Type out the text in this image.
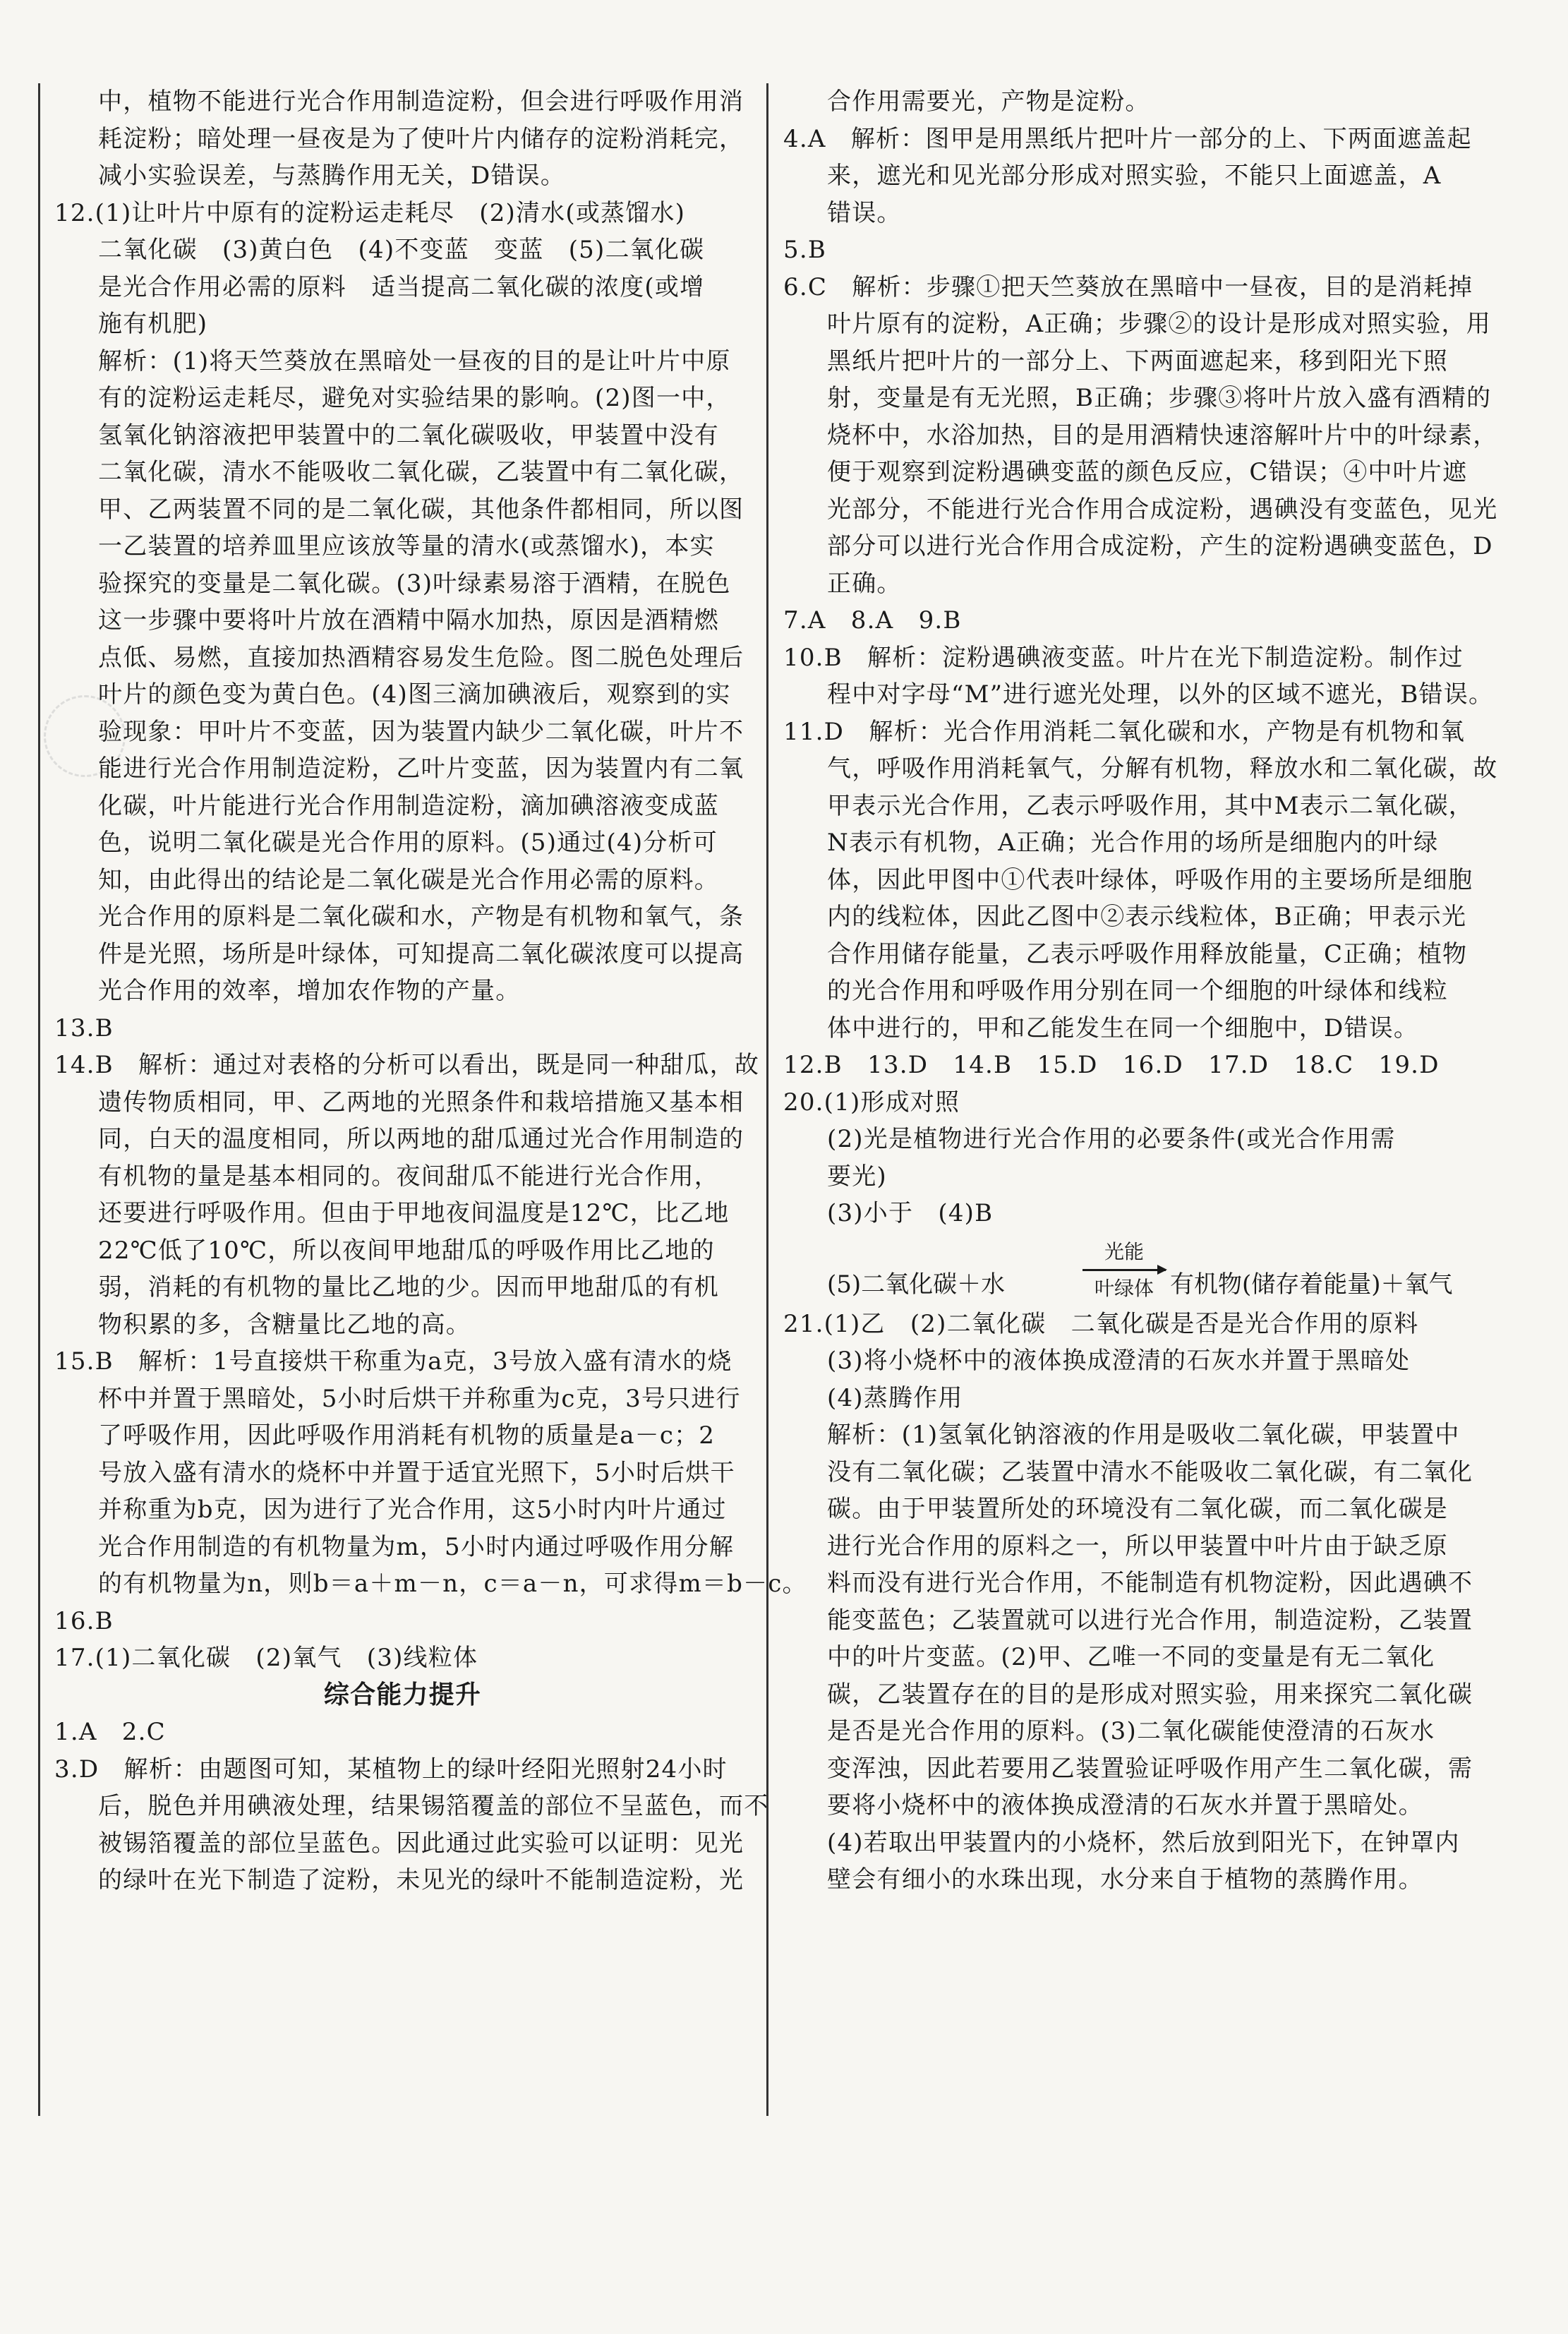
中，植物不能进行光合作用制造淀粉，但会进行呼吸作用消
耗淀粉；暗处理一昼夜是为了使叶片内储存的淀粉消耗完，
减小实验误差，与蒸腾作用无关，D错误。
12.(1)让叶片中原有的淀粉运走耗尽　(2)清水(或蒸馏水)
二氧化碳　(3)黄白色　(4)不变蓝　变蓝　(5)二氧化碳
是光合作用必需的原料　适当提高二氧化碳的浓度(或增
施有机肥)
解析：(1)将天竺葵放在黑暗处一昼夜的目的是让叶片中原
有的淀粉运走耗尽，避免对实验结果的影响。(2)图一中，
氢氧化钠溶液把甲装置中的二氧化碳吸收，甲装置中没有
二氧化碳，清水不能吸收二氧化碳，乙装置中有二氧化碳，
甲、乙两装置不同的是二氧化碳，其他条件都相同，所以图
一乙装置的培养皿里应该放等量的清水(或蒸馏水)，本实
验探究的变量是二氧化碳。(3)叶绿素易溶于酒精，在脱色
这一步骤中要将叶片放在酒精中隔水加热，原因是酒精燃
点低、易燃，直接加热酒精容易发生危险。图二脱色处理后
叶片的颜色变为黄白色。(4)图三滴加碘液后，观察到的实
验现象：甲叶片不变蓝，因为装置内缺少二氧化碳，叶片不
能进行光合作用制造淀粉，乙叶片变蓝，因为装置内有二氧
化碳，叶片能进行光合作用制造淀粉，滴加碘溶液变成蓝
色，说明二氧化碳是光合作用的原料。(5)通过(4)分析可
知，由此得出的结论是二氧化碳是光合作用必需的原料。
光合作用的原料是二氧化碳和水，产物是有机物和氧气，条
件是光照，场所是叶绿体，可知提高二氧化碳浓度可以提高
光合作用的效率，增加农作物的产量。
13.B
14.B　解析：通过对表格的分析可以看出，既是同一种甜瓜，故
遗传物质相同，甲、乙两地的光照条件和栽培措施又基本相
同，白天的温度相同，所以两地的甜瓜通过光合作用制造的
有机物的量是基本相同的。夜间甜瓜不能进行光合作用，
还要进行呼吸作用。但由于甲地夜间温度是12℃，比乙地
22℃低了10℃，所以夜间甲地甜瓜的呼吸作用比乙地的
弱，消耗的有机物的量比乙地的少。因而甲地甜瓜的有机
物积累的多，含糖量比乙地的高。
15.B　解析：1号直接烘干称重为a克，3号放入盛有清水的烧
杯中并置于黑暗处，5小时后烘干并称重为c克，3号只进行
了呼吸作用，因此呼吸作用消耗有机物的质量是a－c；2
号放入盛有清水的烧杯中并置于适宜光照下，5小时后烘干
并称重为b克，因为进行了光合作用，这5小时内叶片通过
光合作用制造的有机物量为m，5小时内通过呼吸作用分解
的有机物量为n，则b＝a＋m－n，c＝a－n，可求得m＝b－c。
16.B
17.(1)二氧化碳　(2)氧气　(3)线粒体
综合能力提升
1.A　2.C
3.D　解析：由题图可知，某植物上的绿叶经阳光照射24小时
后，脱色并用碘液处理，结果锡箔覆盖的部位不呈蓝色，而不
被锡箔覆盖的部位呈蓝色。因此通过此实验可以证明：见光
的绿叶在光下制造了淀粉，未见光的绿叶不能制造淀粉，光
合作用需要光，产物是淀粉。
4.A　解析：图甲是用黑纸片把叶片一部分的上、下两面遮盖起
来，遮光和见光部分形成对照实验，不能只上面遮盖，A
错误。
5.B
6.C　解析：步骤①把天竺葵放在黑暗中一昼夜，目的是消耗掉
叶片原有的淀粉，A正确；步骤②的设计是形成对照实验，用
黑纸片把叶片的一部分上、下两面遮起来，移到阳光下照
射，变量是有无光照，B正确；步骤③将叶片放入盛有酒精的
烧杯中，水浴加热，目的是用酒精快速溶解叶片中的叶绿素，
便于观察到淀粉遇碘变蓝的颜色反应，C错误；④中叶片遮
光部分，不能进行光合作用合成淀粉，遇碘没有变蓝色，见光
部分可以进行光合作用合成淀粉，产生的淀粉遇碘变蓝色，D
正确。
7.A　8.A　9.B
10.B　解析：淀粉遇碘液变蓝。叶片在光下制造淀粉。制作过
程中对字母“M”进行遮光处理，以外的区域不遮光，B错误。
11.D　解析：光合作用消耗二氧化碳和水，产物是有机物和氧
气，呼吸作用消耗氧气，分解有机物，释放水和二氧化碳，故
甲表示光合作用，乙表示呼吸作用，其中M表示二氧化碳，
N表示有机物，A正确；光合作用的场所是细胞内的叶绿
体，因此甲图中①代表叶绿体，呼吸作用的主要场所是细胞
内的线粒体，因此乙图中②表示线粒体，B正确；甲表示光
合作用储存能量，乙表示呼吸作用释放能量，C正确；植物
的光合作用和呼吸作用分别在同一个细胞的叶绿体和线粒
体中进行的，甲和乙能发生在同一个细胞中，D错误。
12.B　13.D　14.B　15.D　16.D　17.D　18.C　19.D
20.(1)形成对照
(2)光是植物进行光合作用的必要条件(或光合作用需
要光)
(3)小于　(4)B
(5)二氧化碳＋水
光能
叶绿体 有机物(储存着能量)＋氧气
21.(1)乙　(2)二氧化碳　二氧化碳是否是光合作用的原料
(3)将小烧杯中的液体换成澄清的石灰水并置于黑暗处
(4)蒸腾作用
解析：(1)氢氧化钠溶液的作用是吸收二氧化碳，甲装置中
没有二氧化碳；乙装置中清水不能吸收二氧化碳，有二氧化
碳。由于甲装置所处的环境没有二氧化碳，而二氧化碳是
进行光合作用的原料之一，所以甲装置中叶片由于缺乏原
料而没有进行光合作用，不能制造有机物淀粉，因此遇碘不
能变蓝色；乙装置就可以进行光合作用，制造淀粉，乙装置
中的叶片变蓝。(2)甲、乙唯一不同的变量是有无二氧化
碳，乙装置存在的目的是形成对照实验，用来探究二氧化碳
是否是光合作用的原料。(3)二氧化碳能使澄清的石灰水
变浑浊，因此若要用乙装置验证呼吸作用产生二氧化碳，需
要将小烧杯中的液体换成澄清的石灰水并置于黑暗处。
(4)若取出甲装置内的小烧杯，然后放到阳光下，在钟罩内
壁会有细小的水珠出现，水分来自于植物的蒸腾作用。
